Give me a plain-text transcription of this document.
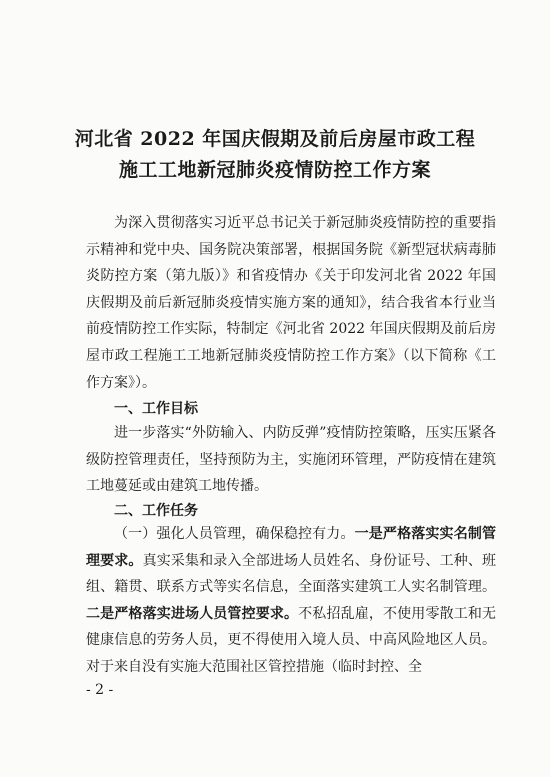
河北省 2022 年国庆假期及前后房屋市政工程
施工工地新冠肺炎疫情防控工作方案

为深入贯彻落实习近平总书记关于新冠肺炎疫情防控的重要指示精神和党中央、国务院决策部署，根据国务院《新型冠状病毒肺炎防控方案（第九版）》和省疫情办《关于印发河北省 2022 年国庆假期及前后新冠肺炎疫情实施方案的通知》，结合我省本行业当前疫情防控工作实际，特制定《河北省 2022 年国庆假期及前后房屋市政工程施工工地新冠肺炎疫情防控工作方案》（以下简称《工作方案》）。

一、工作目标

进一步落实“外防输入、内防反弹”疫情防控策略，压实压紧各级防控管理责任，坚持预防为主，实施闭环管理，严防疫情在建筑工地蔓延或由建筑工地传播。

二、工作任务

（一）强化人员管理，确保稳控有力。一是严格落实实名制管理要求。真实采集和录入全部进场人员姓名、身份证号、工种、班组、籍贯、联系方式等实名信息，全面落实建筑工人实名制管理。二是严格落实进场人员管控要求。不私招乱雇，不使用零散工和无健康信息的劳务人员，更不得使用入境人员、中高风险地区人员。对于来自没有实施大范围社区管控措施（临时封控、全

- 2 -
